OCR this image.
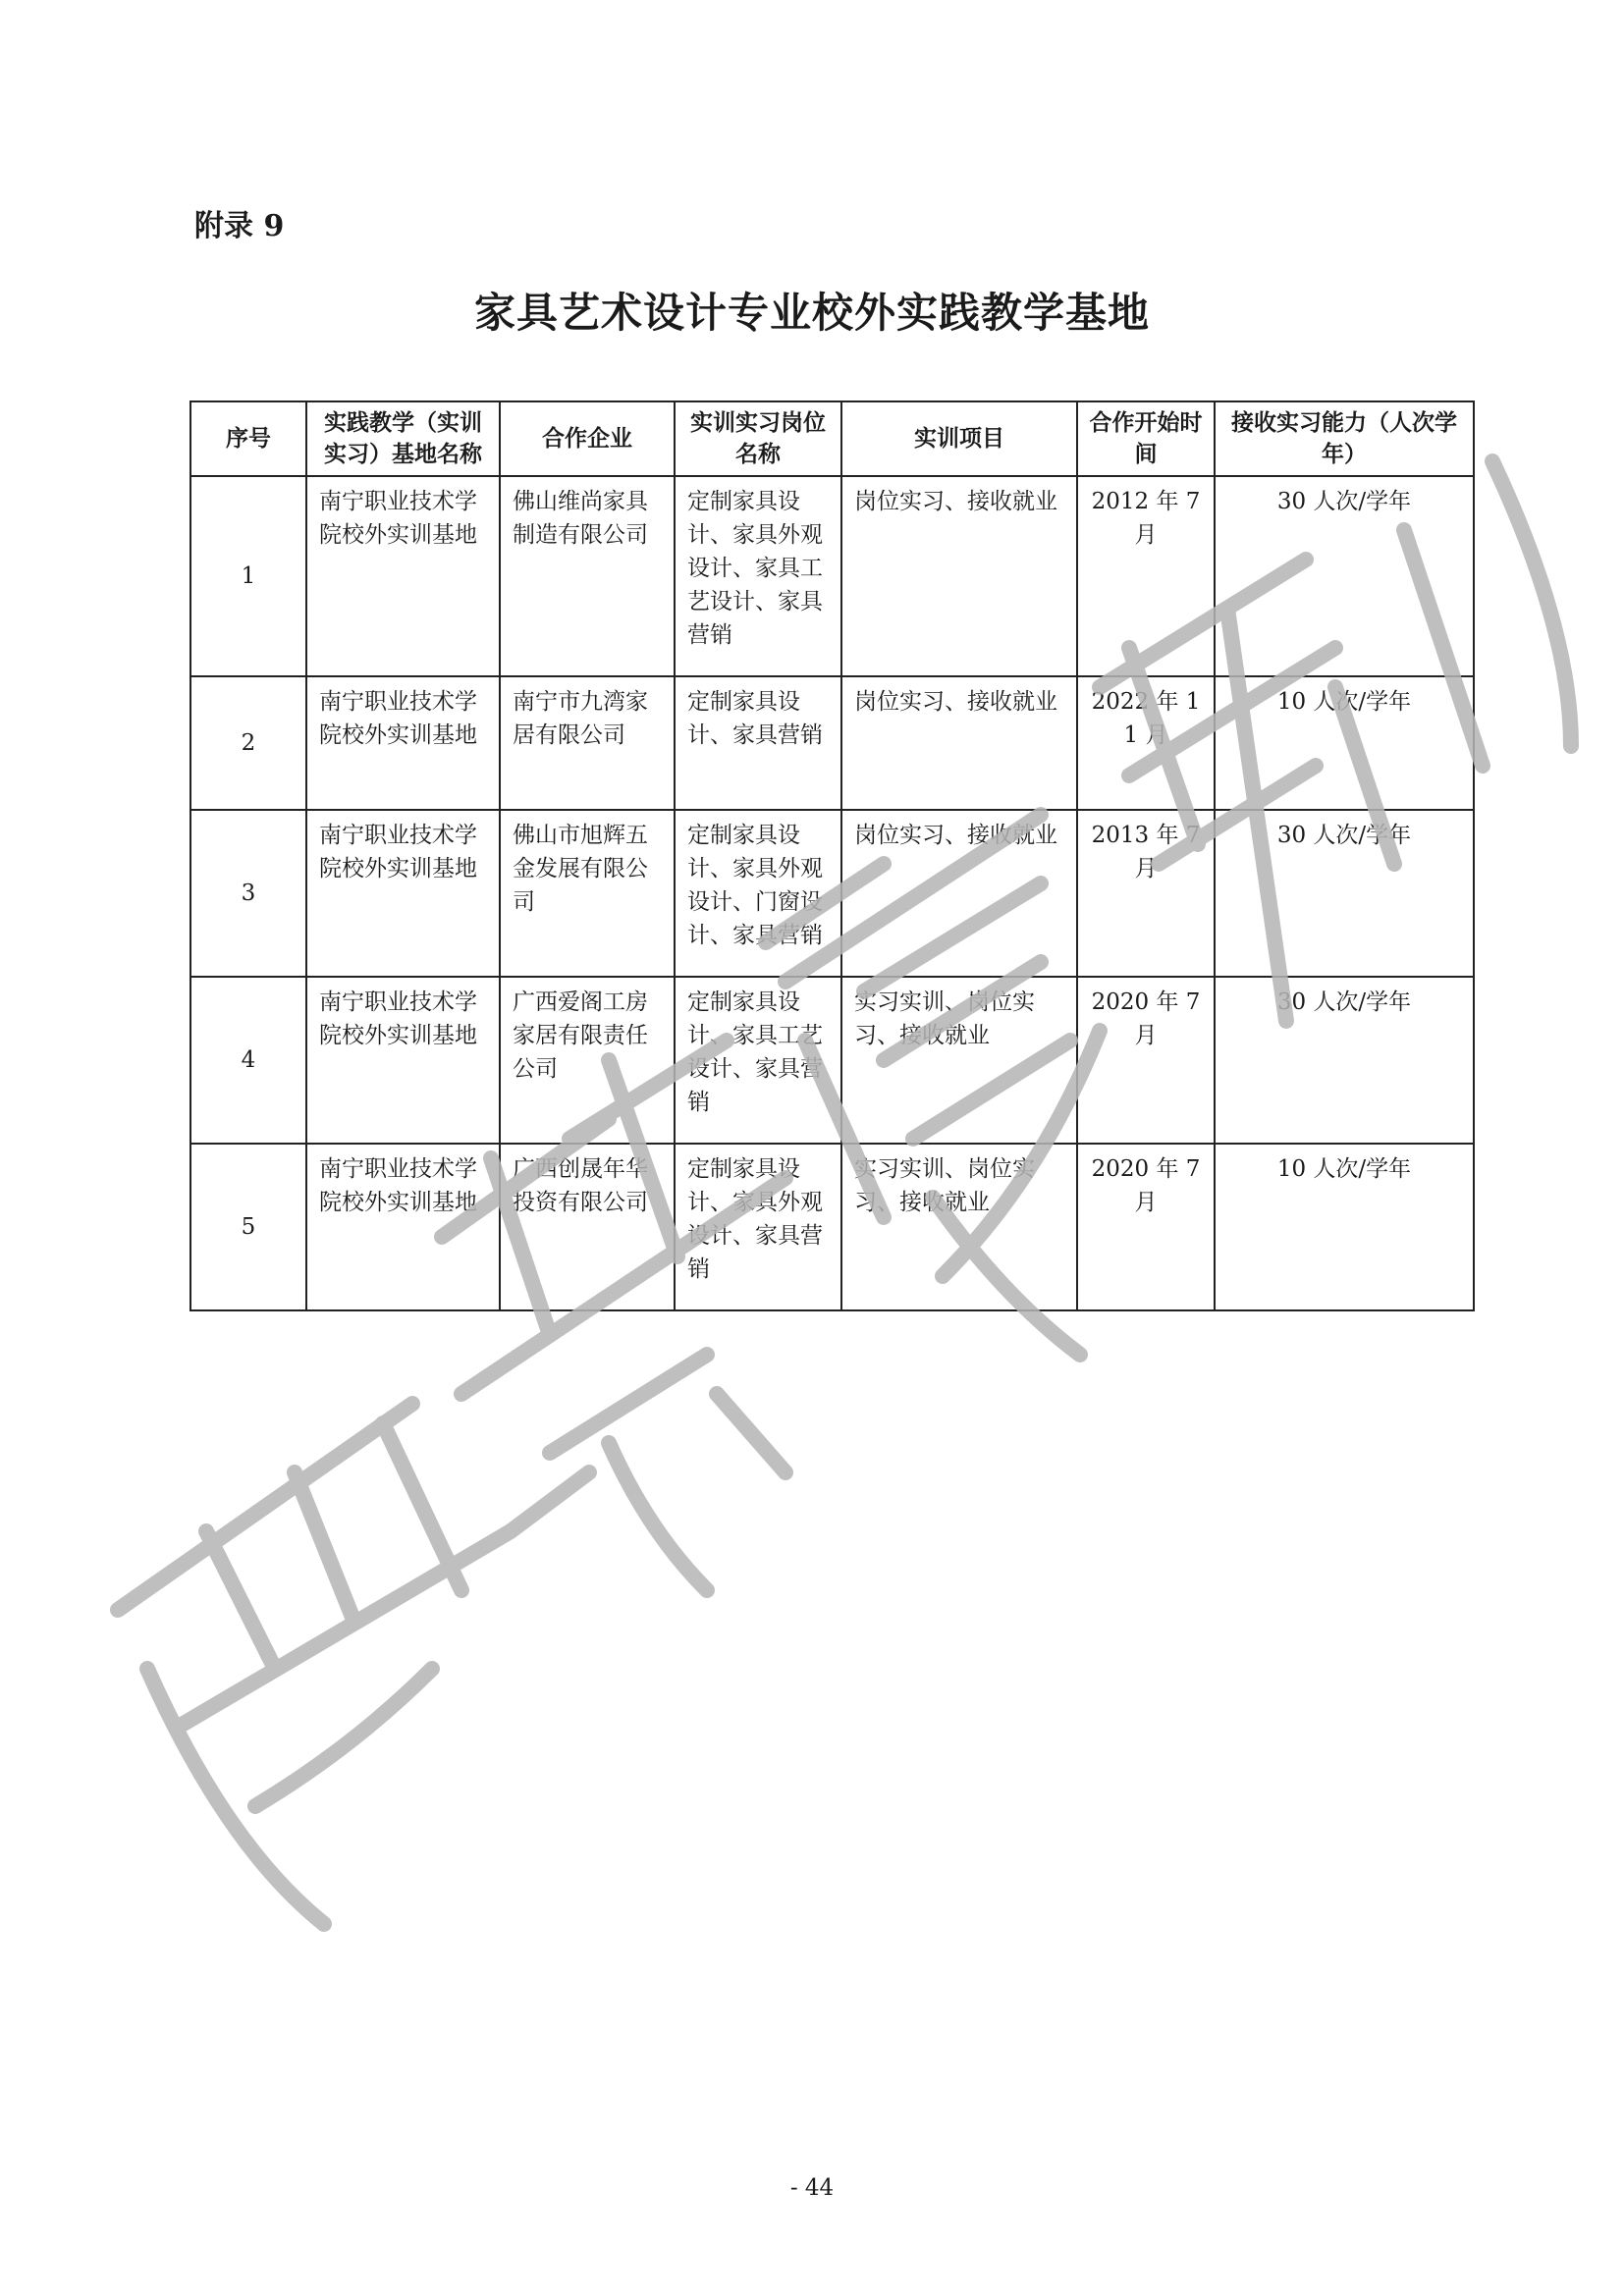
附录 9
家具艺术设计专业校外实践教学基地
序号	实践教学（实训实习）基地名称	合作企业	实训实习岗位名称	实训项目	合作开始时间	接收实习能力（人次学年）
1	南宁职业技术学院校外实训基地	佛山维尚家具制造有限公司	定制家具设计、家具外观设计、家具工艺设计、家具营销	岗位实习、接收就业	2012 年 7 月	30 人次/学年
2	南宁职业技术学院校外实训基地	南宁市九湾家居有限公司	定制家具设计、家具营销	岗位实习、接收就业	2022 年 11 月	10 人次/学年
3	南宁职业技术学院校外实训基地	佛山市旭辉五金发展有限公司	定制家具设计、家具外观设计、门窗设计、家具营销	岗位实习、接收就业	2013 年 7 月	30 人次/学年
4	南宁职业技术学院校外实训基地	广西爱阁工房家居有限责任公司	定制家具设计、家具工艺设计、家具营销	实习实训、岗位实习、接收就业	2020 年 7 月	30 人次/学年
5	南宁职业技术学院校外实训基地	广西创晟年华投资有限公司	定制家具设计、家具外观设计、家具营销	实习实训、岗位实习、接收就业	2020 年 7 月	10 人次/学年
- 44
